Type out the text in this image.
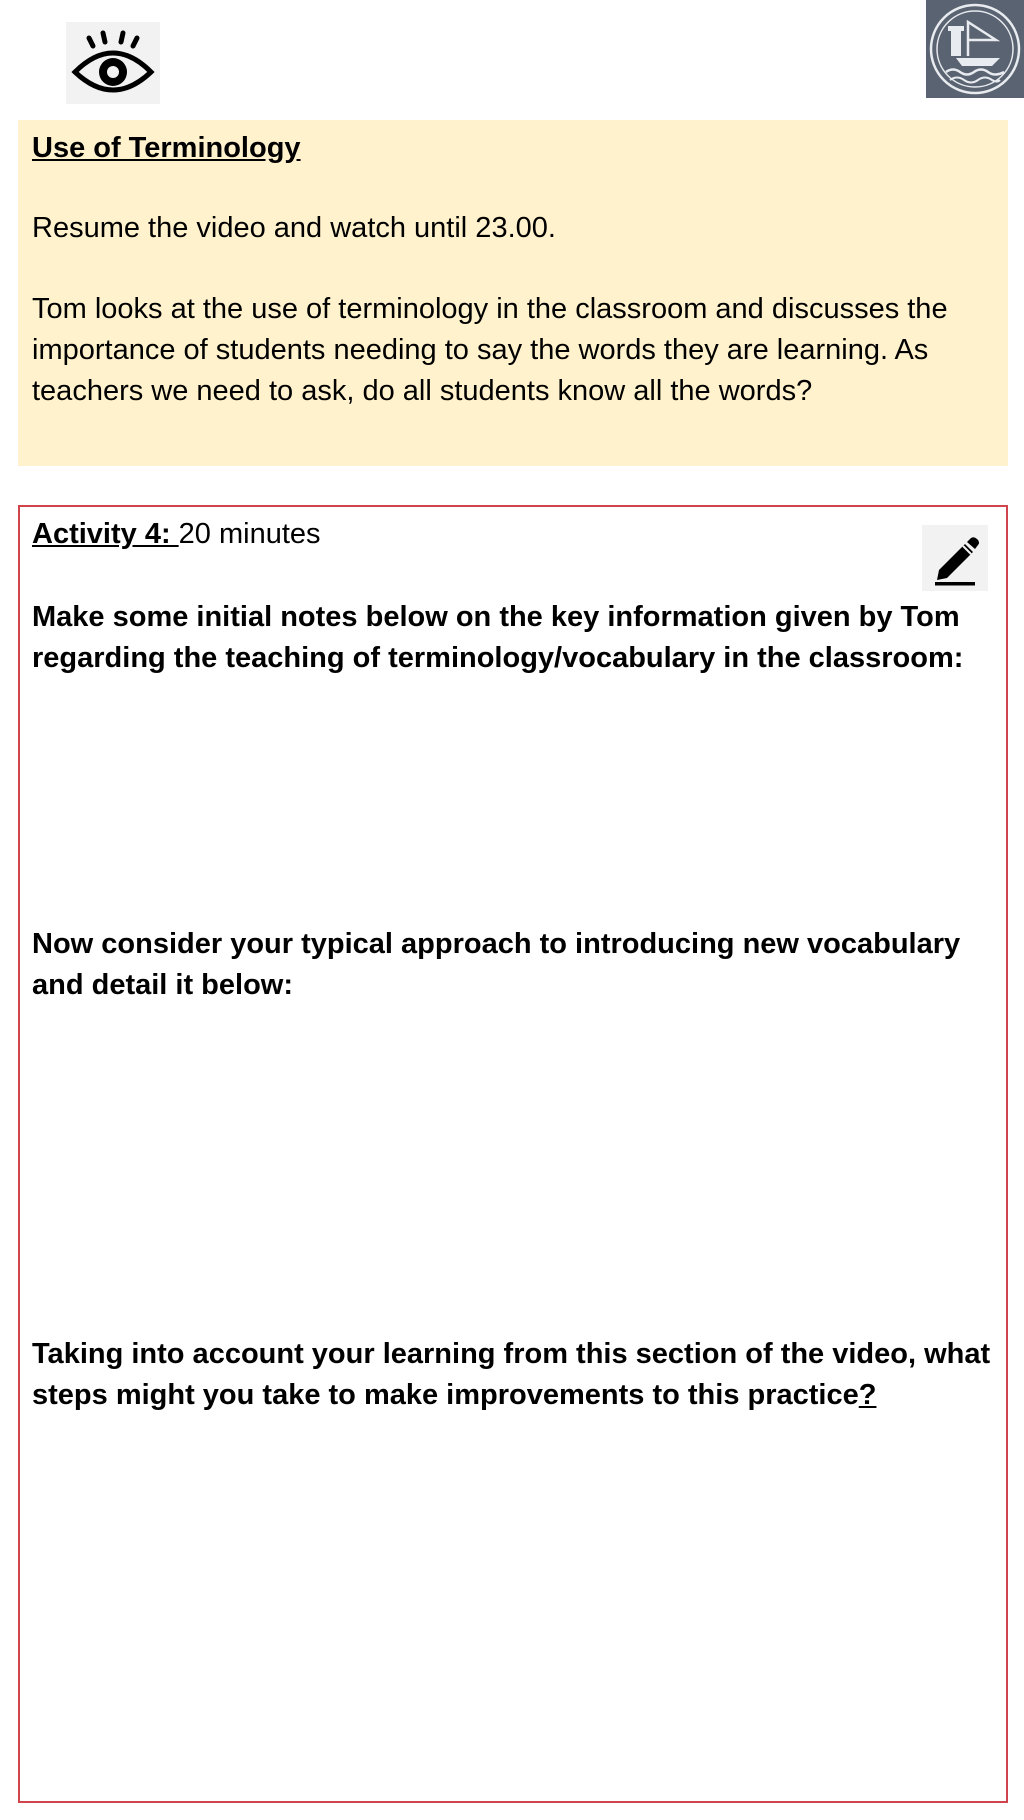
Use of Terminology

Resume the video and watch until 23.00.

Tom looks at the use of terminology in the classroom and discusses the importance of students needing to say the words they are learning. As teachers we need to ask, do all students know all the words?

Activity 4: 20 minutes

Make some initial notes below on the key information given by Tom regarding the teaching of terminology/vocabulary in the classroom:

Now consider your typical approach to introducing new vocabulary and detail it below:

Taking into account your learning from this section of the video, what steps might you take to make improvements to this practice?
